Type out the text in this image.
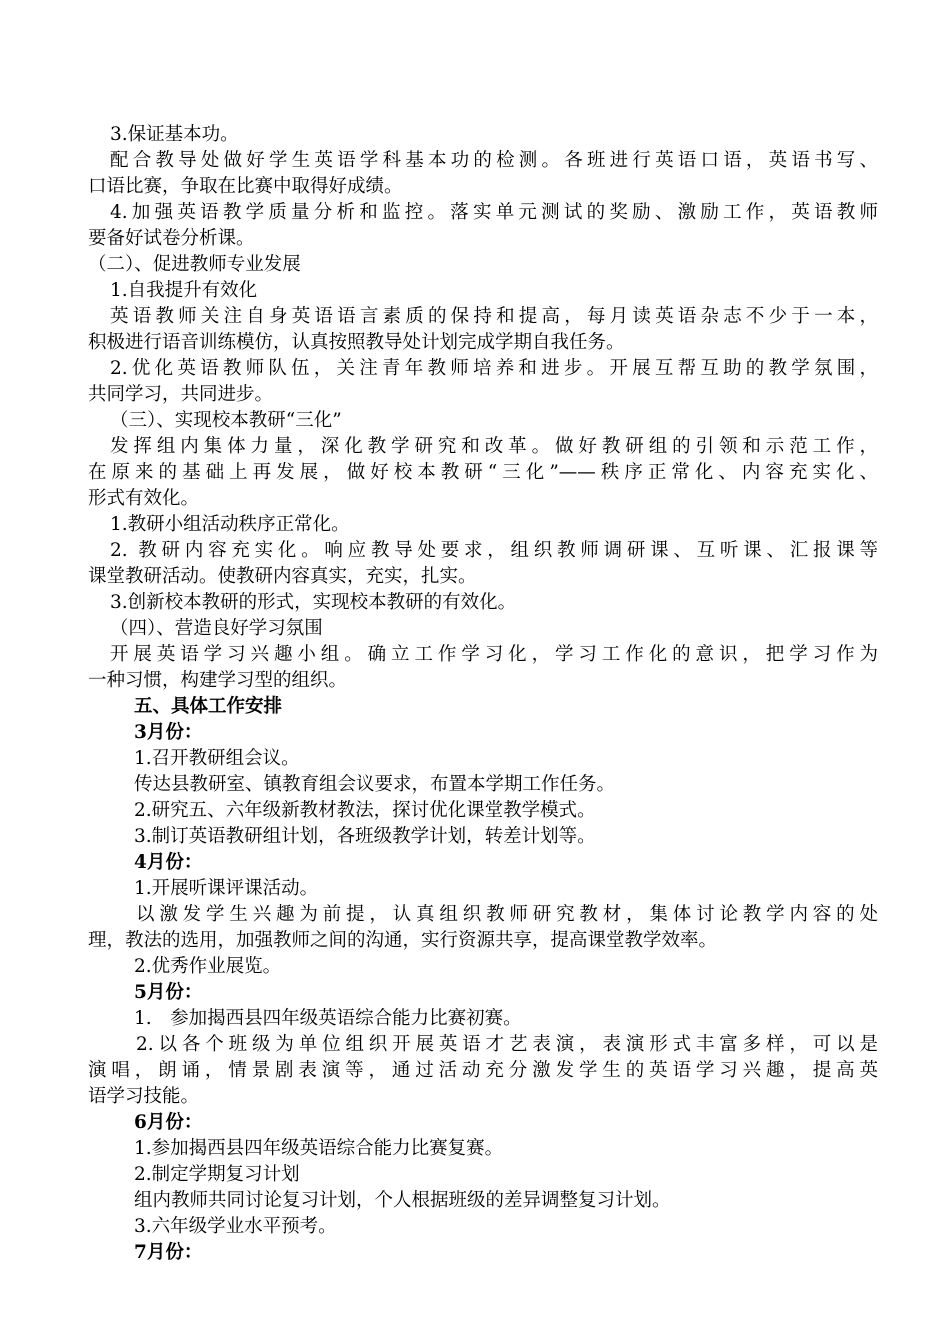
3.保证基本功。
配合教导处做好学生英语学科基本功的检测。各班进行英语口语，英语书写、
口语比赛，争取在比赛中取得好成绩。
4.加强英语教学质量分析和监控。落实单元测试的奖励、激励工作，英语教师
要备好试卷分析课。
（二）、促进教师专业发展
1.自我提升有效化
英语教师关注自身英语语言素质的保持和提高，每月读英语杂志不少于一本，
积极进行语音训练模仿，认真按照教导处计划完成学期自我任务。
2.优化英语教师队伍，关注青年教师培养和进步。开展互帮互助的教学氛围，
共同学习，共同进步。
（三）、实现校本教研“三化”
发挥组内集体力量，深化教学研究和改革。做好教研组的引领和示范工作，
在原来的基础上再发展，做好校本教研“三化”——秩序正常化、内容充实化、
形式有效化。
1.教研小组活动秩序正常化。
2. 教研内容充实化。响应教导处要求，组织教师调研课、互听课、汇报课等
课堂教研活动。使教研内容真实，充实，扎实。
3.创新校本教研的形式，实现校本教研的有效化。
（四）、营造良好学习氛围
开展英语学习兴趣小组。确立工作学习化，学习工作化的意识，把学习作为
一种习惯，构建学习型的组织。
五、具体工作安排
3月份：
1.召开教研组会议。
传达县教研室、镇教育组会议要求，布置本学期工作任务。
2.研究五、六年级新教材教法，探讨优化课堂教学模式。
3.制订英语教研组计划，各班级教学计划，转差计划等。
4月份：
1.开展听课评课活动。
以激发学生兴趣为前提，认真组织教师研究教材，集体讨论教学内容的处
理，教法的选用，加强教师之间的沟通，实行资源共享，提高课堂教学效率。
2.优秀作业展览。
5月份：
1.　参加揭西县四年级英语综合能力比赛初赛。
2.以各个班级为单位组织开展英语才艺表演，表演形式丰富多样，可以是
演唱，朗诵，情景剧表演等，通过活动充分激发学生的英语学习兴趣，提高英
语学习技能。
6月份：
1.参加揭西县四年级英语综合能力比赛复赛。
2.制定学期复习计划
组内教师共同讨论复习计划，个人根据班级的差异调整复习计划。
3.六年级学业水平预考。
7月份：
